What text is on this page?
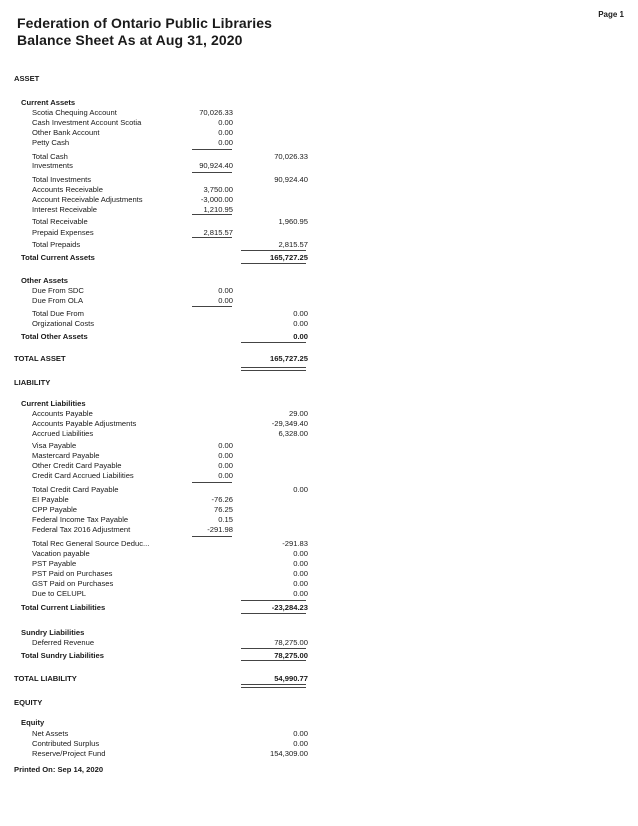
Page 1
Federation of Ontario Public Libraries
Balance Sheet As at Aug 31, 2020
ASSET
Current Assets
Scotia Chequing Account	70,026.33
Cash Investment Account Scotia	0.00
Other Bank Account	0.00
Petty Cash	0.00
Total Cash	70,026.33
Investments	90,924.40
Total Investments	90,924.40
Accounts Receivable	3,750.00
Account Receivable Adjustments	-3,000.00
Interest Receivable	1,210.95
Total Receivable	1,960.95
Prepaid Expenses	2,815.57
Total Prepaids	2,815.57
Total Current Assets	165,727.25
Other Assets
Due From SDC	0.00
Due From OLA	0.00
Total Due From	0.00
Orgizational Costs	0.00
Total Other Assets	0.00
TOTAL ASSET	165,727.25
LIABILITY
Current Liabilities
Accounts Payable	29.00
Accounts Payable Adjustments	-29,349.40
Accrued Liabilities	6,328.00
Visa Payable	0.00
Mastercard Payable	0.00
Other Credit Card Payable	0.00
Credit Card Accrued Liabilities	0.00
Total Credit Card Payable	0.00
EI Payable	-76.26
CPP Payable	76.25
Federal Income Tax Payable	0.15
Federal Tax 2016 Adjustment	-291.98
Total Rec General Source Deduc...	-291.83
Vacation payable	0.00
PST Payable	0.00
PST Paid on Purchases	0.00
GST Paid on Purchases	0.00
Due to CELUPL	0.00
Total Current Liabilities	-23,284.23
Sundry Liabilities
Deferred Revenue	78,275.00
Total Sundry Liabilities	78,275.00
TOTAL LIABILITY	54,990.77
EQUITY
Equity
Net Assets	0.00
Contributed Surplus	0.00
Reserve/Project Fund	154,309.00
Printed On: Sep 14, 2020
